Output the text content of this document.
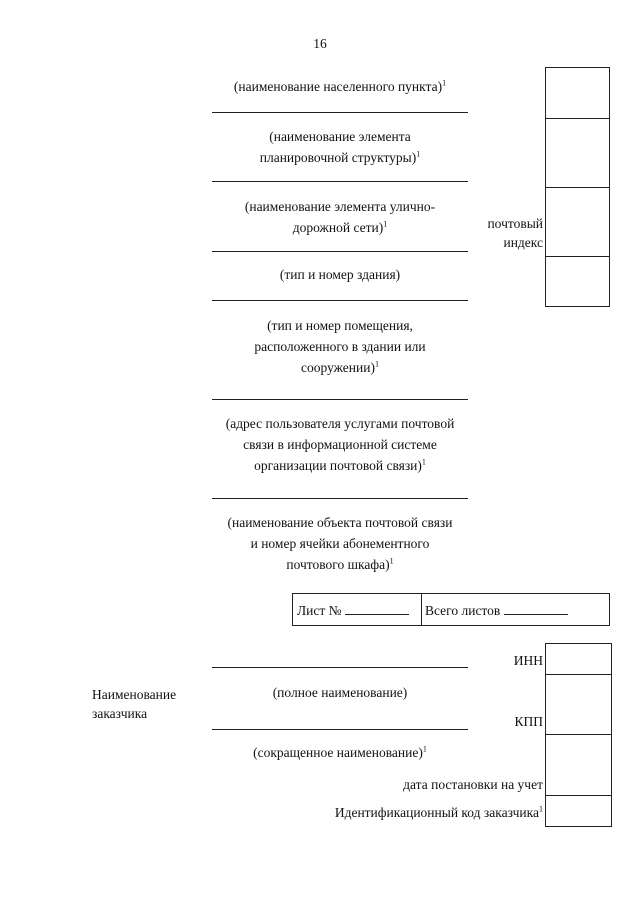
16
(наименование населенного пункта)$^1$
(наименование элемента
планировочной структуры)$^1$
(наименование элемента улично-
дорожной сети)$^1$
(тип и номер здания)
(тип и номер помещения,
расположенного в здании или
сооружении)$^1$
(адрес пользователя услугами почтовой
связи в информационной системе
организации почтовой связи)$^1$
(наименование объекта почтовой связи
и номер ячейки абонементного
почтового шкафа)$^1$
почтовый
индекс
Лист №	Всего листов
Наименование
заказчика
(полное наименование)
(сокращенное наименование)$^1$
ИНН
КПП
дата постановки на учет
Идентификационный код заказчика$^1$
